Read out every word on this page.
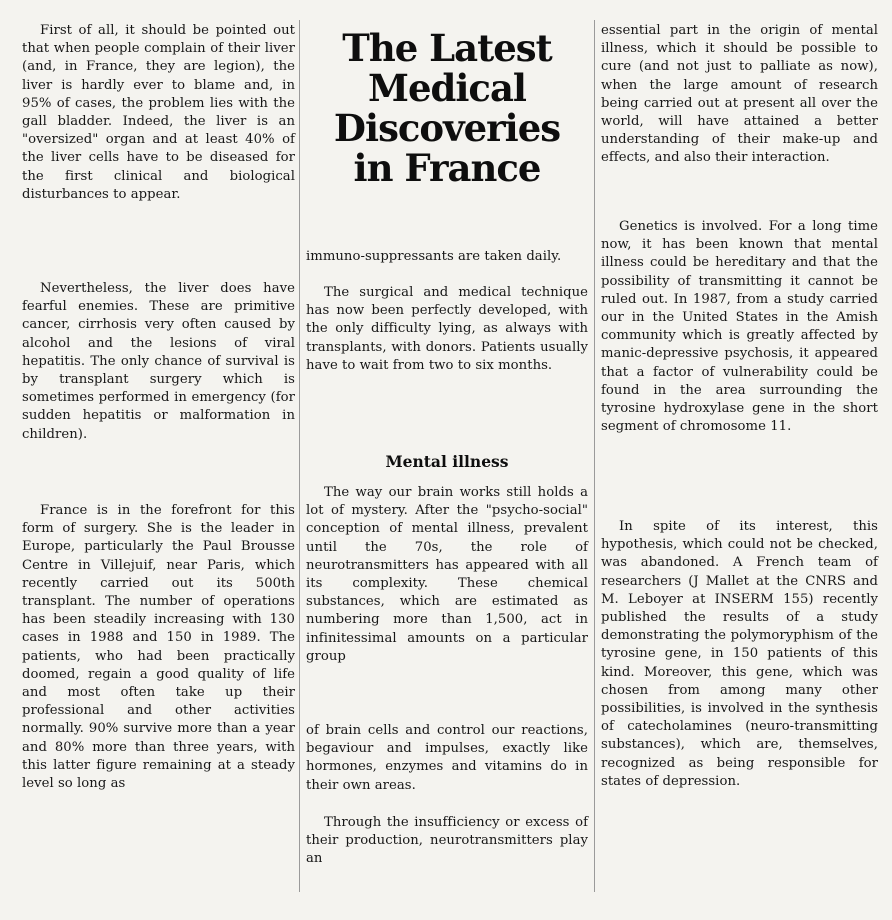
First of all, it should be pointed out that when people complain of their liver (and, in France, they are legion), the liver is hardly ever to blame and, in 95% of cases, the problem lies with the gall bladder. Indeed, the liver is an "oversized" organ and at least 40% of the liver cells have to be diseased for the first clinical and biological disturbances to appear.

Nevertheless, the liver does have fearful enemies. These are primitive cancer, cirrhosis very often caused by alcohol and the lesions of viral hepatitis. The only chance of survival is by transplant surgery which is sometimes performed in emergency (for sudden hepatitis or malformation in children).

France is in the forefront for this form of surgery. She is the leader in Europe, particularly the Paul Brousse Centre in Villejuif, near Paris, which recently carried out its 500th transplant. The number of operations has been steadily increasing with 130 cases in 1988 and 150 in 1989. The patients, who had been practically doomed, regain a good quality of life and most often take up their professional and other activities normally. 90% survive more than a year and 80% more than three years, with this latter figure remaining at a steady level so long as

The Latest
Medical
Discoveries
in France

immuno-suppressants are taken daily.

The surgical and medical technique has now been perfectly developed, with the only difficulty lying, as always with transplants, with donors. Patients usually have to wait from two to six months.

Mental illness

The way our brain works still holds a lot of mystery. After the "psycho-social" conception of mental illness, prevalent until the 70s, the role of neurotransmitters has appeared with all its complexity. These chemical substances, which are estimated as numbering more than 1,500, act in infinitessimal amounts on a particular group

of brain cells and control our reactions, begaviour and impulses, exactly like hormones, enzymes and vitamins do in their own areas.

Through the insufficiency or excess of their production, neurotransmitters play an

essential part in the origin of mental illness, which it should be possible to cure (and not just to palliate as now), when the large amount of research being carried out at present all over the world, will have attained a better understanding of their make-up and effects, and also their interaction.

Genetics is involved. For a long time now, it has been known that mental illness could be hereditary and that the possibility of transmitting it cannot be ruled out. In 1987, from a study carried our in the United States in the Amish community which is greatly affected by manic-depressive psychosis, it appeared that a factor of vulnerability could be found in the area surrounding the tyrosine hydroxylase gene in the short segment of chromosome 11.

In spite of its interest, this hypothesis, which could not be checked, was abandoned. A French team of researchers (J Mallet at the CNRS and M. Leboyer at INSERM 155) recently published the results of a study demonstrating the polymoryphism of the tyrosine gene, in 150 patients of this kind. Moreover, this gene, which was chosen from among many other possibilities, is involved in the synthesis of catecholamines (neuro-transmitting substances), which are, themselves, recognized as being responsible for states of depression.
